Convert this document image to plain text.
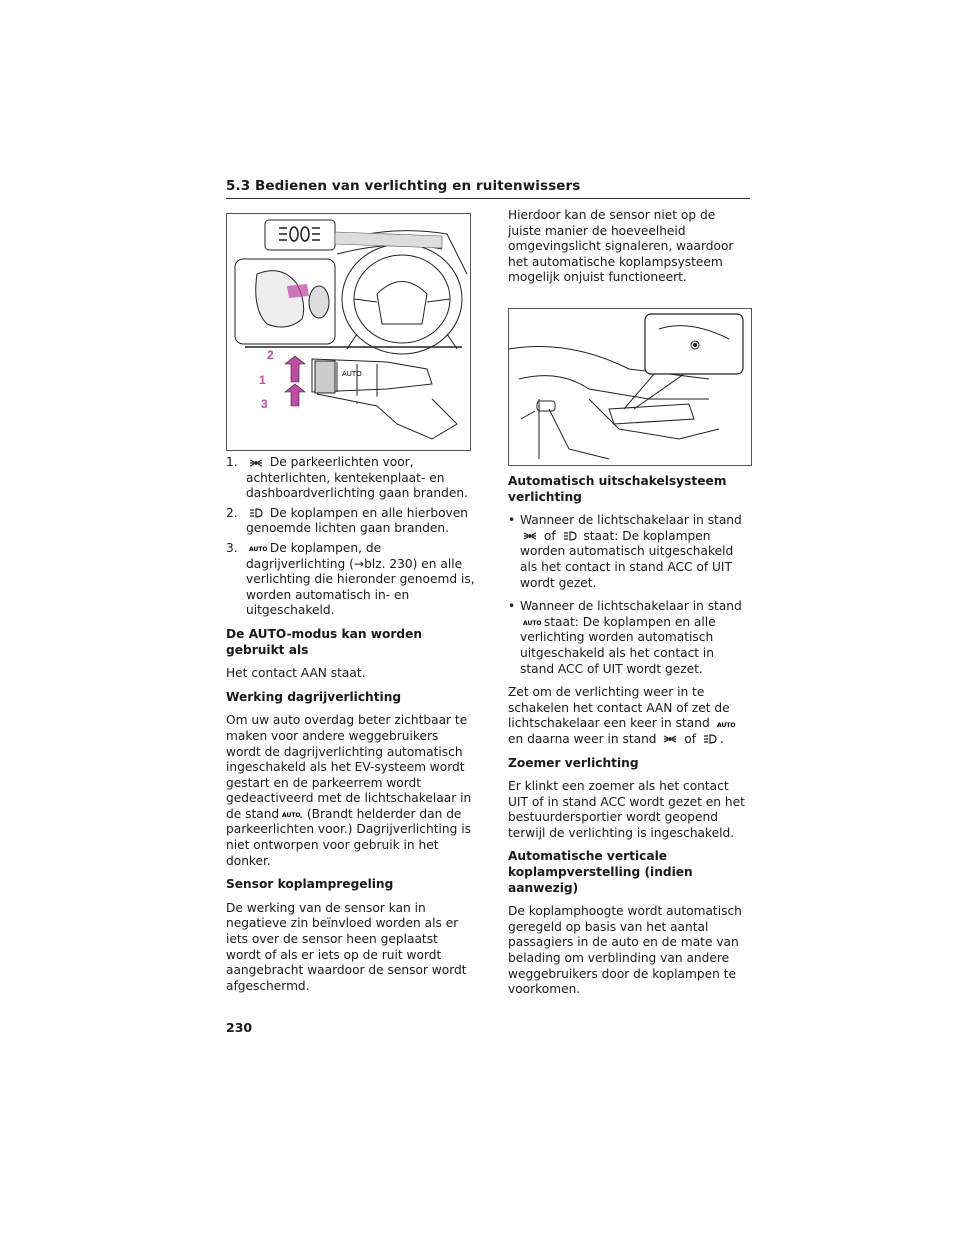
5.3 Bedienen van verlichting en ruitenwissers
AUTO
2
1
3
1.	De parkeerlichten voor, achterlichten, kentekenplaat- en dashboardverlichting gaan branden.
2.	De koplampen en alle hierboven genoemde lichten gaan branden.
3. AUTO De koplampen, de dagrijverlichting (→blz. 230) en alle verlichting die hieronder genoemd is, worden automatisch in- en uitgeschakeld.

De AUTO-modus kan worden gebruikt als

Het contact AAN staat.

Werking dagrijverlichting

Om uw auto overdag beter zichtbaar te maken voor andere weggebruikers wordt de dagrijverlichting automatisch ingeschakeld als het EV-systeem wordt gestart en de parkeerrem wordt gedeactiveerd met de lichtschakelaar in de stand AUTO
. (Brandt helderder dan de parkeerlichten voor.) Dagrijverlichting is niet ontworpen voor gebruik in het donker.

Sensor koplampregeling

De werking van de sensor kan in negatieve zin beïnvloed worden als er iets over de sensor heen geplaatst wordt of als er iets op de ruit wordt aangebracht waardoor de sensor wordt afgeschermd.

Hierdoor kan de sensor niet op de juiste manier de hoeveelheid omgevingslicht signaleren, waardoor het automatische koplampsysteem mogelijk onjuist functioneert.

Automatisch uitschakelsysteem verlichting

• Wanneer de lichtschakelaar in stand
of staat: De koplampen worden automatisch uitgeschakeld als het contact in stand ACC of UIT wordt gezet.
• Wanneer de lichtschakelaar in stand
AUTO staat: De koplampen en alle verlichting worden automatisch uitgeschakeld als het contact in stand ACC of UIT wordt gezet.

Zet om de verlichting weer in te schakelen het contact AAN of zet de lichtschakelaar een keer in stand AUTO
en daarna weer in stand of .

Zoemer verlichting

Er klinkt een zoemer als het contact UIT of in stand ACC wordt gezet en het bestuurdersportier wordt geopend terwijl de verlichting is ingeschakeld.

Automatische verticale koplampverstelling (indien aanwezig)

De koplamphoogte wordt automatisch geregeld op basis van het aantal passagiers in de auto en de mate van belading om verblinding van andere weggebruikers door de koplampen te voorkomen.

230
